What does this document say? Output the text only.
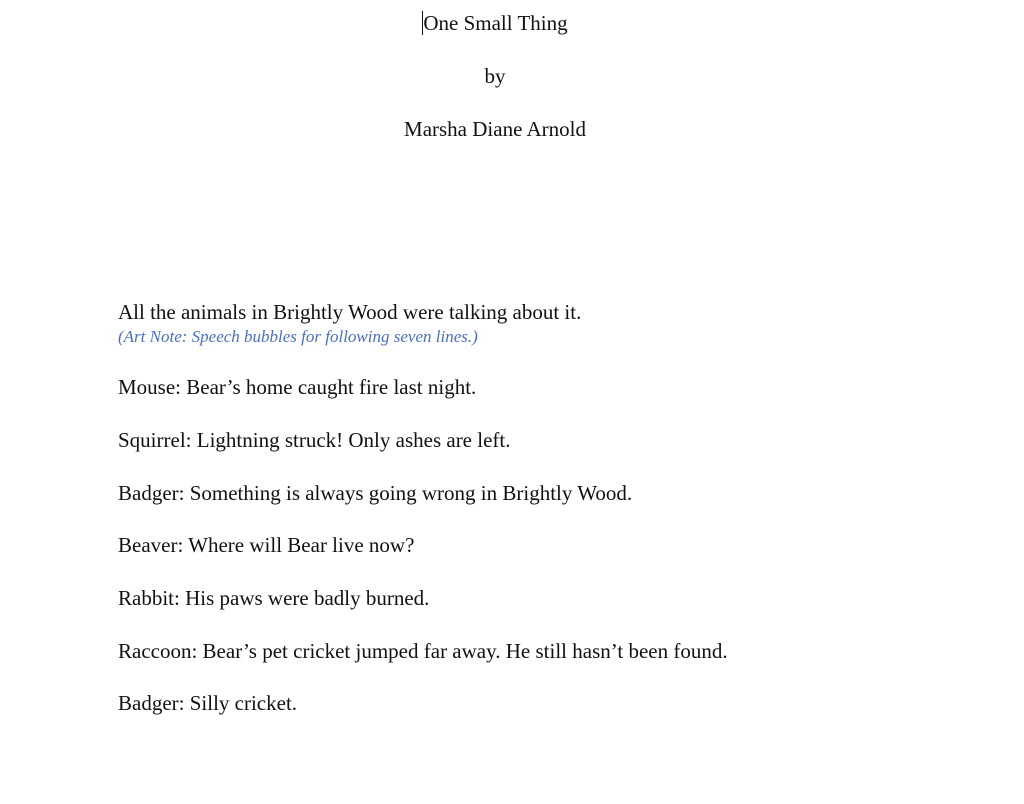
One Small Thing
by
Marsha Diane Arnold
All the animals in Brightly Wood were talking about it.
(Art Note: Speech bubbles for following seven lines.)
Mouse: Bear’s home caught fire last night.
Squirrel: Lightning struck! Only ashes are left.
Badger: Something is always going wrong in Brightly Wood.
Beaver: Where will Bear live now?
Rabbit: His paws were badly burned.
Raccoon: Bear’s pet cricket jumped far away. He still hasn’t been found.
Badger: Silly cricket.
